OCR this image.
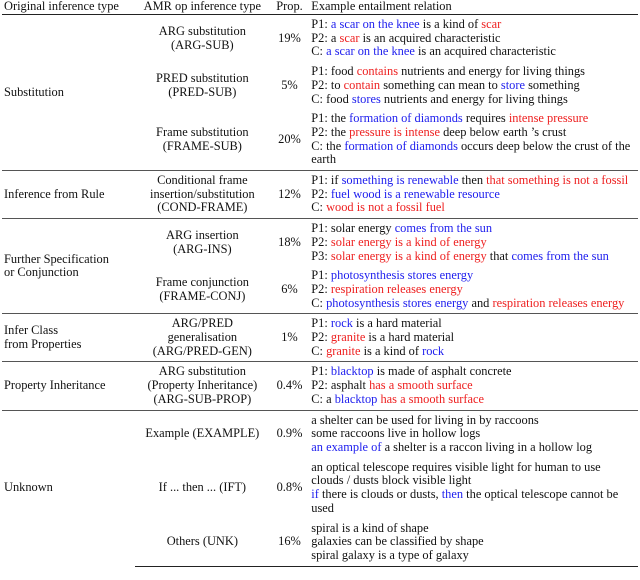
Original inference type	AMR op inference type	Prop.	Example entailment relation

Substitution	ARG substitution
(ARG-SUB)	19%	P1: a scar on the knee is a kind of scar
P2: a scar is an acquired characteristic
C: a scar on the knee is an acquired characteristic

	PRED substitution
(PRED-SUB)	5%	P1: food contains nutrients and energy for living things
P2: to contain something can mean to store something
C: food stores nutrients and energy for living things

	Frame substitution
(FRAME-SUB)	20%	P1: the formation of diamonds requires intense pressure
P2: the pressure is intense deep below earth ’s crust
C: the formation of diamonds occurs deep below the crust of the earth

Inference from Rule	Conditional frame
insertion/substitution
(COND-FRAME)	12%	P1: if something is renewable then that something is not a fossil
P2: fuel wood is a renewable resource
C: wood is not a fossil fuel

Further Specification
or Conjunction	ARG insertion
(ARG-INS)	18%	P1: solar energy comes from the sun
P2: solar energy is a kind of energy
P3: solar energy is a kind of energy that comes from the sun

	Frame conjunction
(FRAME-CONJ)	6%	P1: photosynthesis stores energy
P2: respiration releases energy
C: photosynthesis stores energy and respiration releases energy

Infer Class
from Properties	ARG/PRED
generalisation
(ARG/PRED-GEN)	1%	P1: rock is a hard material
P2: granite is a hard material
C: granite is a kind of rock

Property Inheritance	ARG substitution
(Property Inheritance)
(ARG-SUB-PROP)	0.4%	P1: blacktop is made of asphalt concrete
P2: asphalt has a smooth surface
C: a blacktop has a smooth surface

Unknown	Example (EXAMPLE)	0.9%	a shelter can be used for living in by raccoons
some raccoons live in hollow logs
an example of a shelter is a raccon living in a hollow log

	If ... then ... (IFT)	0.8%	an optical telescope requires visible light for human to use
clouds / dusts block visible light
if there is clouds or dusts, then the optical telescope cannot be used

	Others (UNK)	16%	spiral is a kind of shape
galaxies can be classified by shape
spiral galaxy is a type of galaxy
